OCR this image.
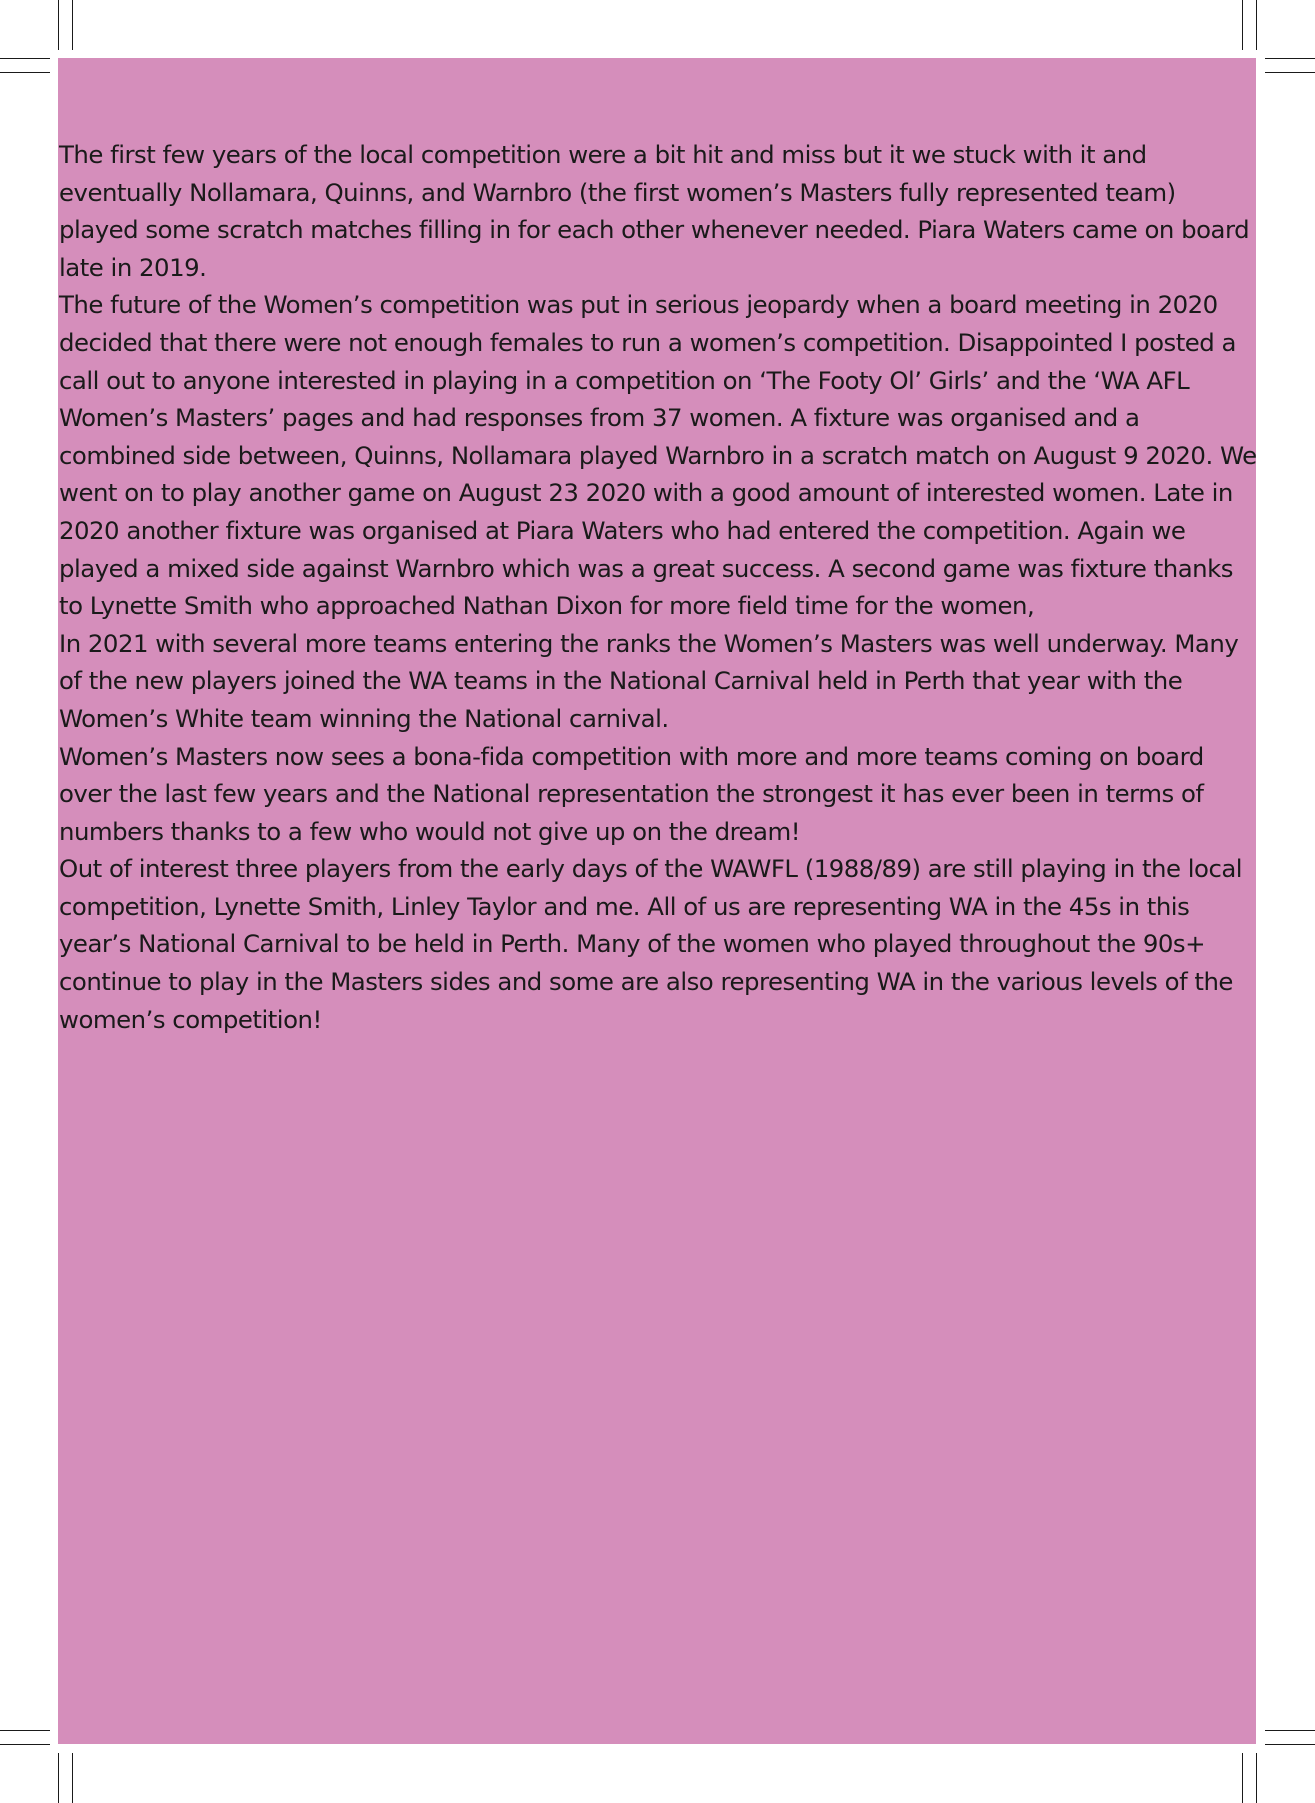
The first few years of the local competition were a bit hit and miss but it we stuck with it and eventually Nollamara, Quinns, and Warnbro (the first women’s Masters fully represented team) played some scratch matches filling in for each other whenever needed. Piara Waters came on board late in 2019.

The future of the Women’s competition was put in serious jeopardy when a board meeting in 2020 decided that there were not enough females to run a women’s competition. Disappointed I posted a call out to anyone interested in playing in a competition on ‘The Footy Ol’ Girls’ and the ‘WA AFL Women’s Masters’ pages and had responses from 37 women. A fixture was organised and a combined side between, Quinns, Nollamara played Warnbro in a scratch match on August 9 2020. We went on to play another game on August 23 2020 with a good amount of interested women. Late in 2020 another fixture was organised at Piara Waters who had entered the competition. Again we played a mixed side against Warnbro which was a great success. A second game was fixture thanks to Lynette Smith who approached Nathan Dixon for more field time for the women,

In 2021 with several more teams entering the ranks the Women’s Masters was well underway. Many of the new players joined the WA teams in the National Carnival held in Perth that year with the Women’s White team winning the National carnival.

Women’s Masters now sees a bona-fida competition with more and more teams coming on board over the last few years and the National representation the strongest it has ever been in terms of numbers thanks to a few who would not give up on the dream!

Out of interest three players from the early days of the WAWFL (1988/89) are still playing in the local competition, Lynette Smith, Linley Taylor and me. All of us are representing WA in the 45s in this year’s National Carnival to be held in Perth. Many of the women who played throughout the 90s+ continue to play in the Masters sides and some are also representing WA in the various levels of the women’s competition!
